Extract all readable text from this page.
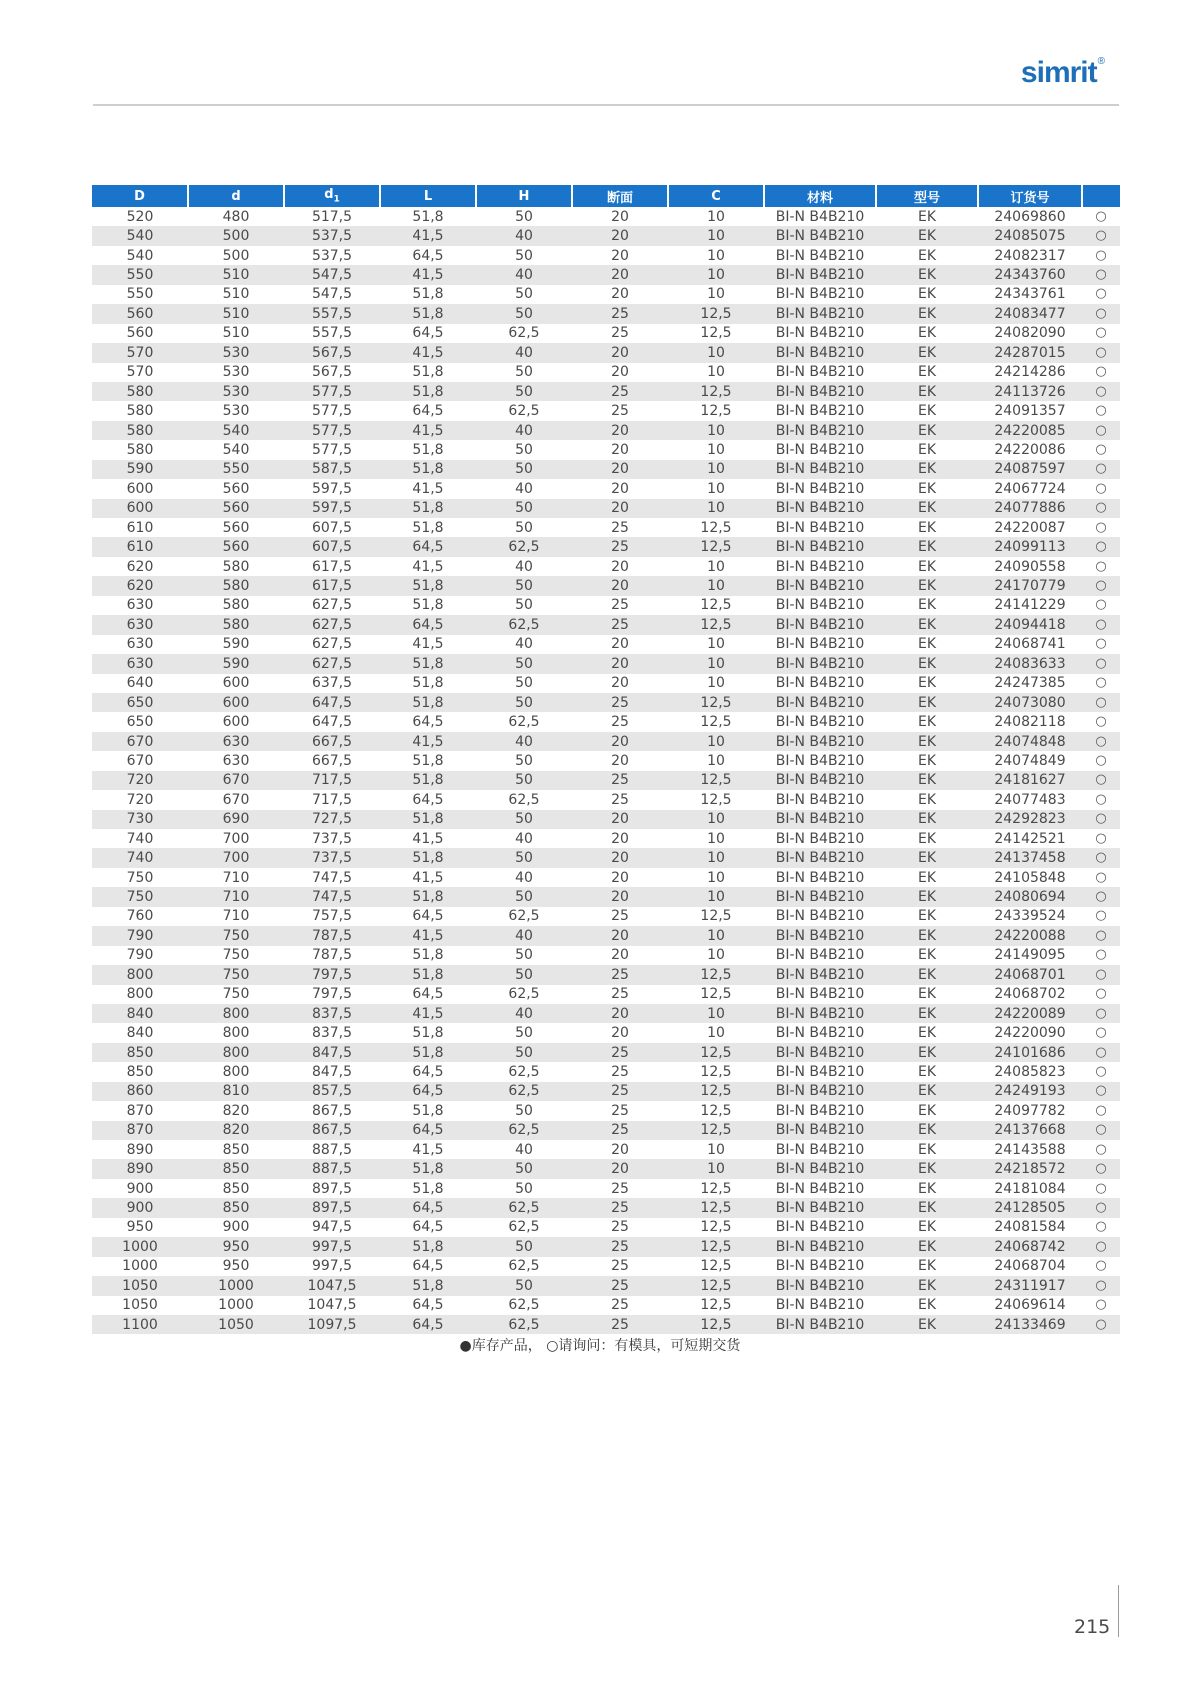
simrit®
D	d	$d_1$	L	H	断面	C	材料	型号	订货号	
520	480	517,5	51,8	50	20	10	BI-N B4B210	EK	24069860	○
540	500	537,5	41,5	40	20	10	BI-N B4B210	EK	24085075	○
540	500	537,5	64,5	50	20	10	BI-N B4B210	EK	24082317	○
550	510	547,5	41,5	40	20	10	BI-N B4B210	EK	24343760	○
550	510	547,5	51,8	50	20	10	BI-N B4B210	EK	24343761	○
560	510	557,5	51,8	50	25	12,5	BI-N B4B210	EK	24083477	○
560	510	557,5	64,5	62,5	25	12,5	BI-N B4B210	EK	24082090	○
570	530	567,5	41,5	40	20	10	BI-N B4B210	EK	24287015	○
570	530	567,5	51,8	50	20	10	BI-N B4B210	EK	24214286	○
580	530	577,5	51,8	50	25	12,5	BI-N B4B210	EK	24113726	○
580	530	577,5	64,5	62,5	25	12,5	BI-N B4B210	EK	24091357	○
580	540	577,5	41,5	40	20	10	BI-N B4B210	EK	24220085	○
580	540	577,5	51,8	50	20	10	BI-N B4B210	EK	24220086	○
590	550	587,5	51,8	50	20	10	BI-N B4B210	EK	24087597	○
600	560	597,5	41,5	40	20	10	BI-N B4B210	EK	24067724	○
600	560	597,5	51,8	50	20	10	BI-N B4B210	EK	24077886	○
610	560	607,5	51,8	50	25	12,5	BI-N B4B210	EK	24220087	○
610	560	607,5	64,5	62,5	25	12,5	BI-N B4B210	EK	24099113	○
620	580	617,5	41,5	40	20	10	BI-N B4B210	EK	24090558	○
620	580	617,5	51,8	50	20	10	BI-N B4B210	EK	24170779	○
630	580	627,5	51,8	50	25	12,5	BI-N B4B210	EK	24141229	○
630	580	627,5	64,5	62,5	25	12,5	BI-N B4B210	EK	24094418	○
630	590	627,5	41,5	40	20	10	BI-N B4B210	EK	24068741	○
630	590	627,5	51,8	50	20	10	BI-N B4B210	EK	24083633	○
640	600	637,5	51,8	50	20	10	BI-N B4B210	EK	24247385	○
650	600	647,5	51,8	50	25	12,5	BI-N B4B210	EK	24073080	○
650	600	647,5	64,5	62,5	25	12,5	BI-N B4B210	EK	24082118	○
670	630	667,5	41,5	40	20	10	BI-N B4B210	EK	24074848	○
670	630	667,5	51,8	50	20	10	BI-N B4B210	EK	24074849	○
720	670	717,5	51,8	50	25	12,5	BI-N B4B210	EK	24181627	○
720	670	717,5	64,5	62,5	25	12,5	BI-N B4B210	EK	24077483	○
730	690	727,5	51,8	50	20	10	BI-N B4B210	EK	24292823	○
740	700	737,5	41,5	40	20	10	BI-N B4B210	EK	24142521	○
740	700	737,5	51,8	50	20	10	BI-N B4B210	EK	24137458	○
750	710	747,5	41,5	40	20	10	BI-N B4B210	EK	24105848	○
750	710	747,5	51,8	50	20	10	BI-N B4B210	EK	24080694	○
760	710	757,5	64,5	62,5	25	12,5	BI-N B4B210	EK	24339524	○
790	750	787,5	41,5	40	20	10	BI-N B4B210	EK	24220088	○
790	750	787,5	51,8	50	20	10	BI-N B4B210	EK	24149095	○
800	750	797,5	51,8	50	25	12,5	BI-N B4B210	EK	24068701	○
800	750	797,5	64,5	62,5	25	12,5	BI-N B4B210	EK	24068702	○
840	800	837,5	41,5	40	20	10	BI-N B4B210	EK	24220089	○
840	800	837,5	51,8	50	20	10	BI-N B4B210	EK	24220090	○
850	800	847,5	51,8	50	25	12,5	BI-N B4B210	EK	24101686	○
850	800	847,5	64,5	62,5	25	12,5	BI-N B4B210	EK	24085823	○
860	810	857,5	64,5	62,5	25	12,5	BI-N B4B210	EK	24249193	○
870	820	867,5	51,8	50	25	12,5	BI-N B4B210	EK	24097782	○
870	820	867,5	64,5	62,5	25	12,5	BI-N B4B210	EK	24137668	○
890	850	887,5	41,5	40	20	10	BI-N B4B210	EK	24143588	○
890	850	887,5	51,8	50	20	10	BI-N B4B210	EK	24218572	○
900	850	897,5	51,8	50	25	12,5	BI-N B4B210	EK	24181084	○
900	850	897,5	64,5	62,5	25	12,5	BI-N B4B210	EK	24128505	○
950	900	947,5	64,5	62,5	25	12,5	BI-N B4B210	EK	24081584	○
1000	950	997,5	51,8	50	25	12,5	BI-N B4B210	EK	24068742	○
1000	950	997,5	64,5	62,5	25	12,5	BI-N B4B210	EK	24068704	○
1050	1000	1047,5	51,8	50	25	12,5	BI-N B4B210	EK	24311917	○
1050	1000	1047,5	64,5	62,5	25	12,5	BI-N B4B210	EK	24069614	○
1100	1050	1097,5	64,5	62,5	25	12,5	BI-N B4B210	EK	24133469	○
●库存产品， ○请询问：有模具，可短期交货
215
